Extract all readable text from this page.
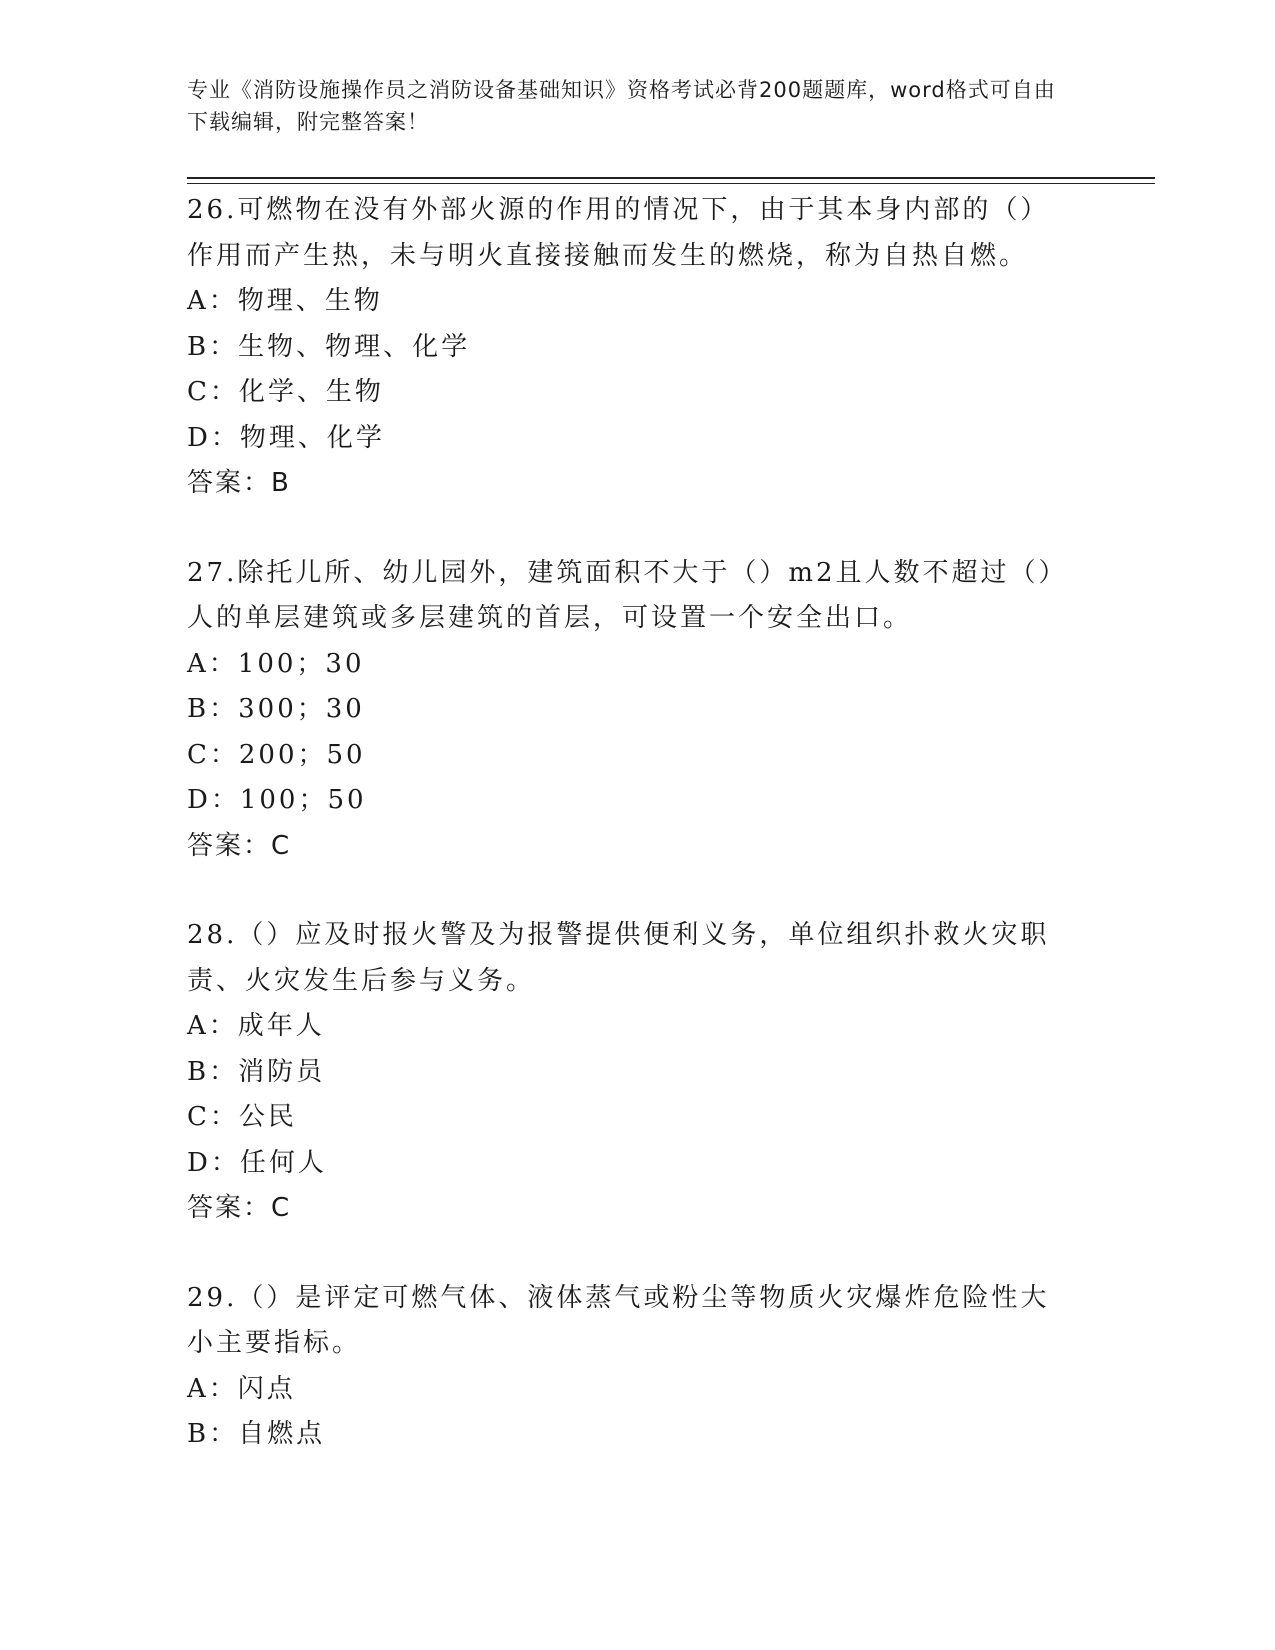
专业《消防设施操作员之消防设备基础知识》资格考试必背200题题库，word格式可自由下载编辑，附完整答案！
26.可燃物在没有外部火源的作用的情况下，由于其本身内部的（）作用而产生热，未与明火直接接触而发生的燃烧，称为自热自燃。
A：物理、生物
B：生物、物理、化学
C：化学、生物
D：物理、化学
答案：B
27.除托儿所、幼儿园外，建筑面积不大于（）m2且人数不超过（）人的单层建筑或多层建筑的首层，可设置一个安全出口。
A：100；30
B：300；30
C：200；50
D：100；50
答案：C
28.（）应及时报火警及为报警提供便利义务，单位组织扑救火灾职责、火灾发生后参与义务。
A：成年人
B：消防员
C：公民
D：任何人
答案：C
29.（）是评定可燃气体、液体蒸气或粉尘等物质火灾爆炸危险性大小主要指标。
A：闪点
B：自燃点
